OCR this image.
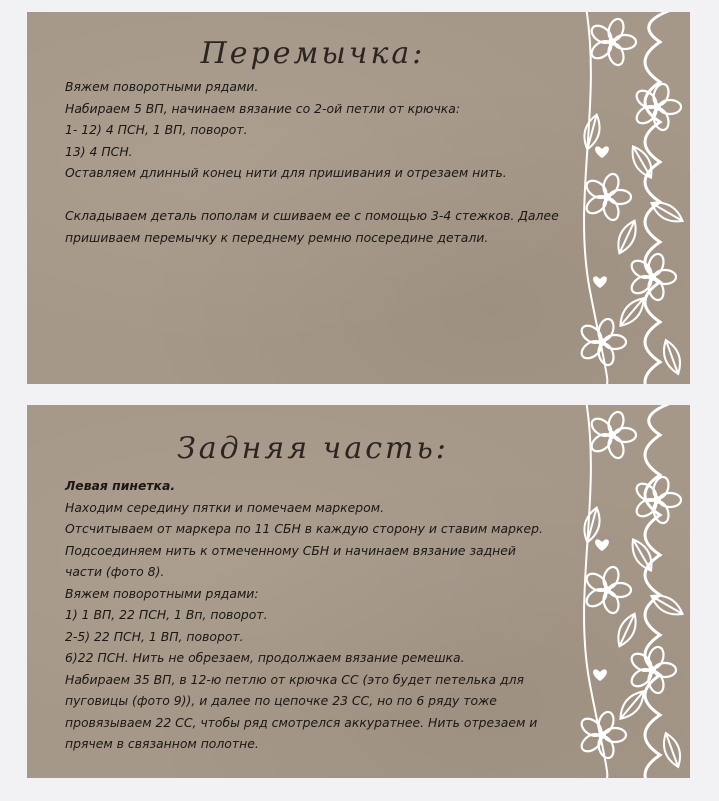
Перемычка:
Вяжем поворотными рядами.
Набираем 5 ВП, начинаем вязание со 2-ой петли от крючка:
1- 12) 4 ПСН, 1 ВП, поворот.
13) 4 ПСН.
Оставляем длинный конец нити для пришивания и отрезаем нить.
Складываем деталь пополам и сшиваем ее с помощью 3-4 стежков. Далее
пришиваем перемычку к переднему ремню посередине детали.
Задняя часть:
Левая пинетка.
Находим середину пятки и помечаем маркером.
Отсчитываем от маркера по 11 СБН в каждую сторону и ставим маркер.
Подсоединяем нить к отмеченному СБН и начинаем вязание задней
части (фото 8).
Вяжем поворотными рядами:
1) 1 ВП, 22 ПСН, 1 Вп, поворот.
2-5) 22 ПСН, 1 ВП, поворот.
6)22 ПСН. Нить не обрезаем, продолжаем вязание ремешка.
Набираем 35 ВП, в 12-ю петлю от крючка СС (это будет петелька для
пуговицы (фото 9)), и далее по цепочке 23 СС, но по 6 ряду тоже
провязываем 22 СС, чтобы ряд смотрелся аккуратнее. Нить отрезаем и
прячем в связанном полотне.
